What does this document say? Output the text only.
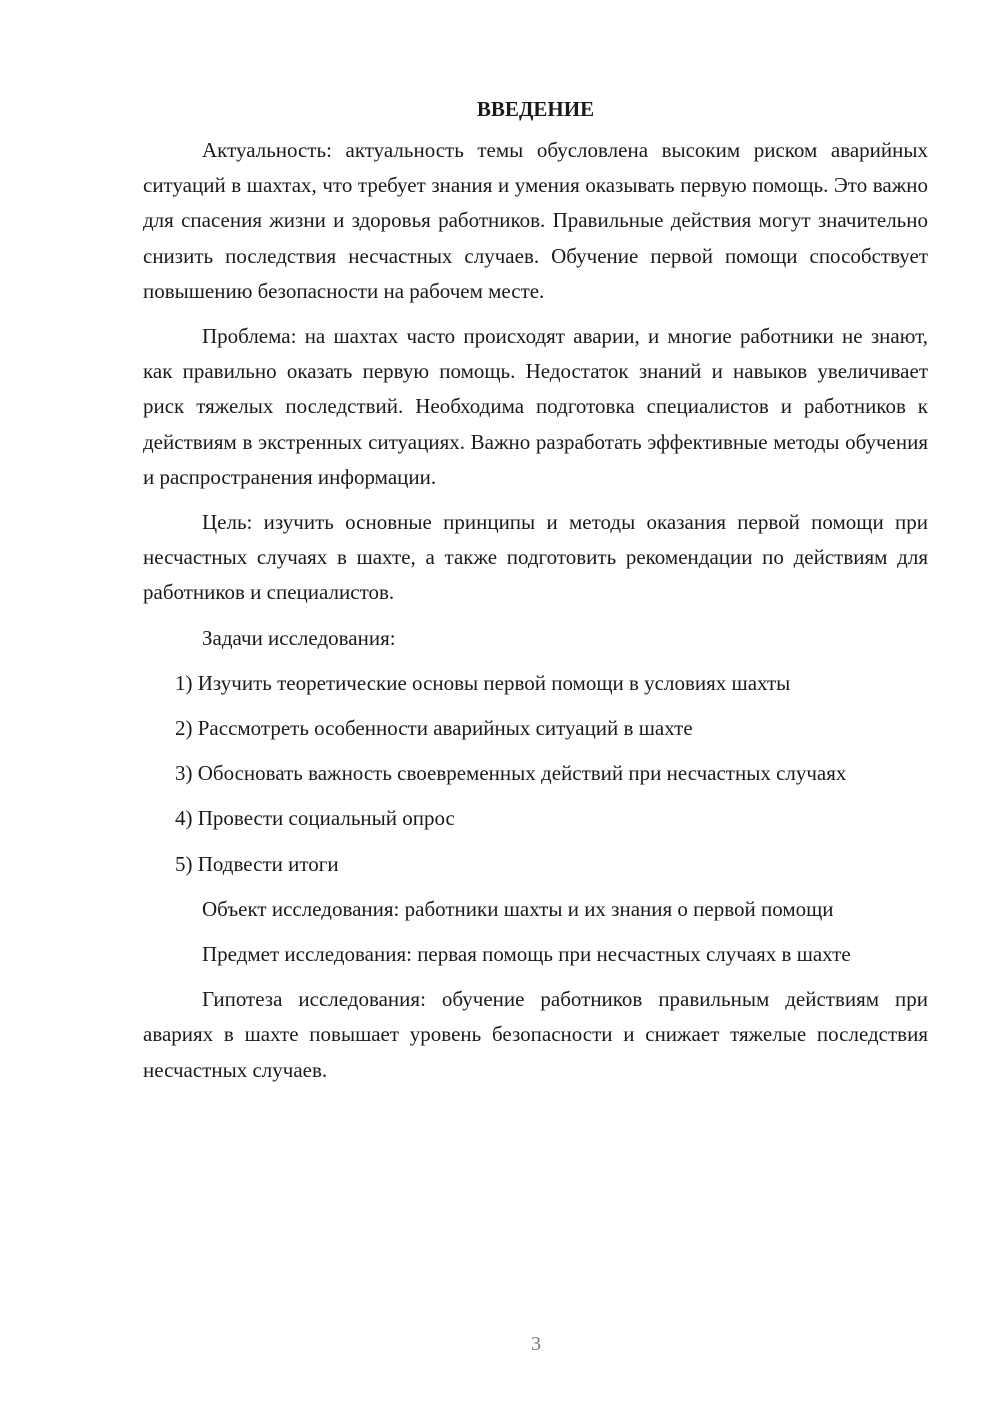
ВВЕДЕНИЕ

Актуальность: актуальность темы обусловлена высоким риском аварийных ситуаций в шахтах, что требует знания и умения оказывать первую помощь. Это важно для спасения жизни и здоровья работников. Правильные действия могут значительно снизить последствия несчастных случаев. Обучение первой помощи способствует повышению безопасности на рабочем месте.

Проблема: на шахтах часто происходят аварии, и многие работники не знают, как правильно оказать первую помощь. Недостаток знаний и навыков увеличивает риск тяжелых последствий. Необходима подготовка специалистов и работников к действиям в экстренных ситуациях. Важно разработать эффективные методы обучения и распространения информации.

Цель: изучить основные принципы и методы оказания первой помощи при несчастных случаях в шахте, а также подготовить рекомендации по действиям для работников и специалистов.

Задачи исследования:

1) Изучить теоретические основы первой помощи в условиях шахты

2) Рассмотреть особенности аварийных ситуаций в шахте

3) Обосновать важность своевременных действий при несчастных случаях

4) Провести социальный опрос

5) Подвести итоги

Объект исследования: работники шахты и их знания о первой помощи

Предмет исследования: первая помощь при несчастных случаях в шахте

Гипотеза исследования: обучение работников правильным действиям при авариях в шахте повышает уровень безопасности и снижает тяжелые последствия несчастных случаев.

3
